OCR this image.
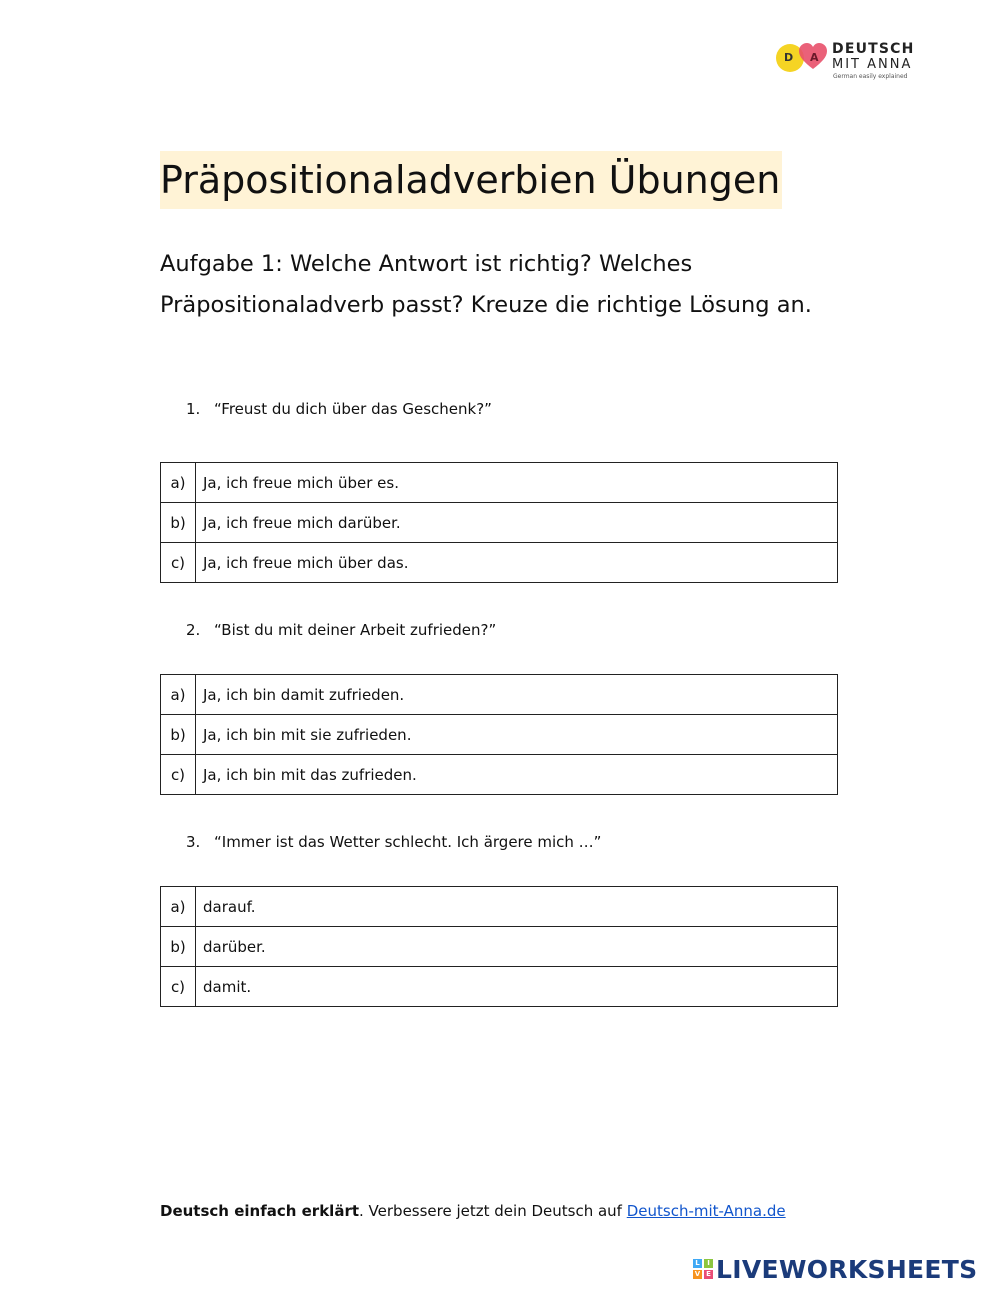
D A
DEUTSCH
MIT ANNA
German easily explained
Präpositionaladverbien Übungen
Aufgabe 1: Welche Antwort ist richtig? Welches Präpositionaladverb passt? Kreuze die richtige Lösung an.
1. “Freust du dich über das Geschenk?”
a)	Ja, ich freue mich über es.
b)	Ja, ich freue mich darüber.
c)	Ja, ich freue mich über das.
2. “Bist du mit deiner Arbeit zufrieden?”
a)	Ja, ich bin damit zufrieden.
b)	Ja, ich bin mit sie zufrieden.
c)	Ja, ich bin mit das zufrieden.
3. “Immer ist das Wetter schlecht. Ich ärgere mich …”
a)	darauf.
b)	darüber.
c)	damit.
Deutsch einfach erklärt. Verbessere jetzt dein Deutsch auf Deutsch-mit-Anna.de
L	I
V E LIVEWORKSHEETS
